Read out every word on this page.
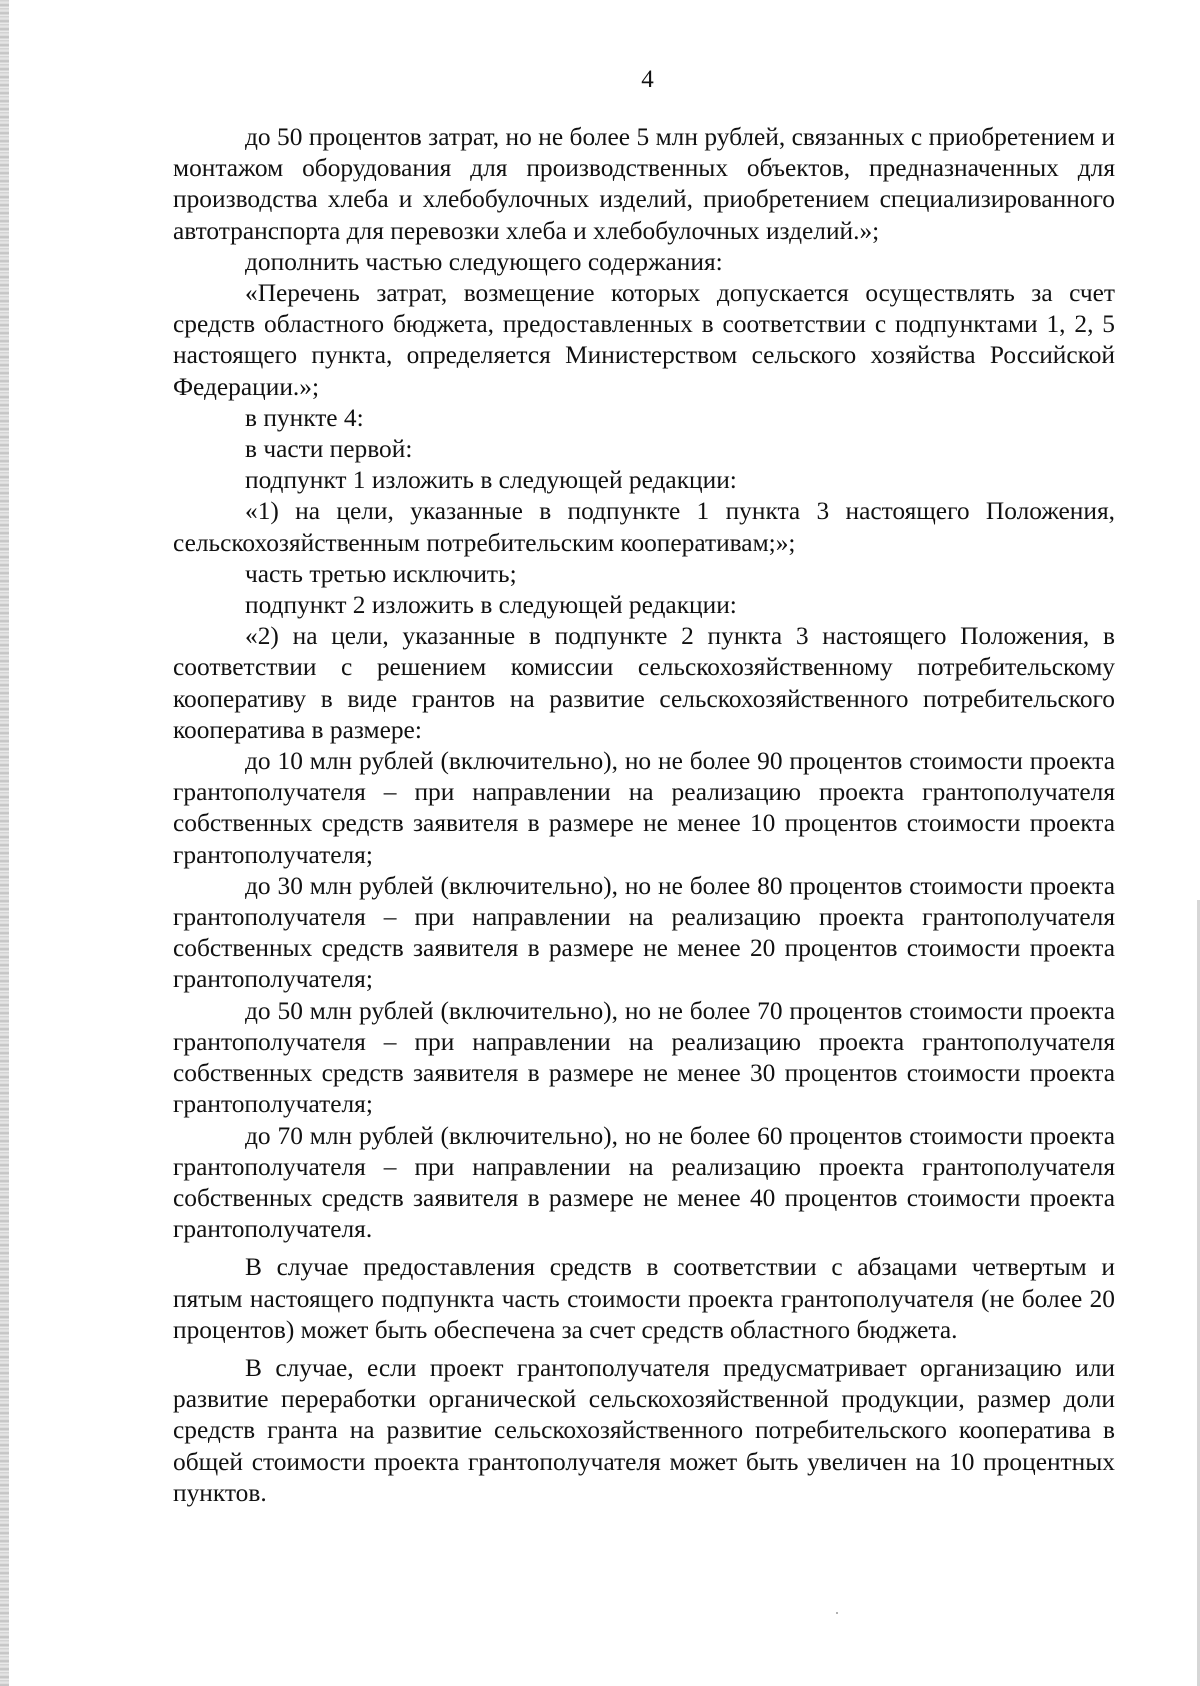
4

до 50 процентов затрат, но не более 5 млн рублей, связанных с приобретением и монтажом оборудования для производственных объектов, предназначенных для производства хлеба и хлебобулочных изделий, приобретением специализированного автотранспорта для перевозки хлеба и хлебобулочных изделий.»;

дополнить частью следующего содержания:

«Перечень затрат, возмещение которых допускается осуществлять за счет средств областного бюджета, предоставленных в соответствии с подпунктами 1, 2, 5 настоящего пункта, определяется Министерством сельского хозяйства Российской Федерации.»;

в пункте 4:

в части первой:

подпункт 1 изложить в следующей редакции:

«1) на цели, указанные в подпункте 1 пункта 3 настоящего Положения, сельскохозяйственным потребительским кооперативам;»;

часть третью исключить;

подпункт 2 изложить в следующей редакции:

«2) на цели, указанные в подпункте 2 пункта 3 настоящего Положения, в соответствии с решением комиссии сельскохозяйственному потребительскому кооперативу в виде грантов на развитие сельскохозяйственного потребительского кооператива в размере:

до 10 млн рублей (включительно), но не более 90 процентов стоимости проекта грантополучателя – при направлении на реализацию проекта грантополучателя собственных средств заявителя в размере не менее 10 процентов стоимости проекта грантополучателя;

до 30 млн рублей (включительно), но не более 80 процентов стоимости проекта грантополучателя – при направлении на реализацию проекта грантополучателя собственных средств заявителя в размере не менее 20 процентов стоимости проекта грантополучателя;

до 50 млн рублей (включительно), но не более 70 процентов стоимости проекта грантополучателя – при направлении на реализацию проекта грантополучателя собственных средств заявителя в размере не менее 30 процентов стоимости проекта грантополучателя;

до 70 млн рублей (включительно), но не более 60 процентов стоимости проекта грантополучателя – при направлении на реализацию проекта грантополучателя собственных средств заявителя в размере не менее 40 процентов стоимости проекта грантополучателя.

В случае предоставления средств в соответствии с абзацами четвертым и пятым настоящего подпункта часть стоимости проекта грантополучателя (не более 20 процентов) может быть обеспечена за счет средств областного бюджета.

В случае, если проект грантополучателя предусматривает организацию или развитие переработки органической сельскохозяйственной продукции, размер доли средств гранта на развитие сельскохозяйственного потребительского кооператива в общей стоимости проекта грантополучателя может быть увеличен на 10 процентных пунктов.
